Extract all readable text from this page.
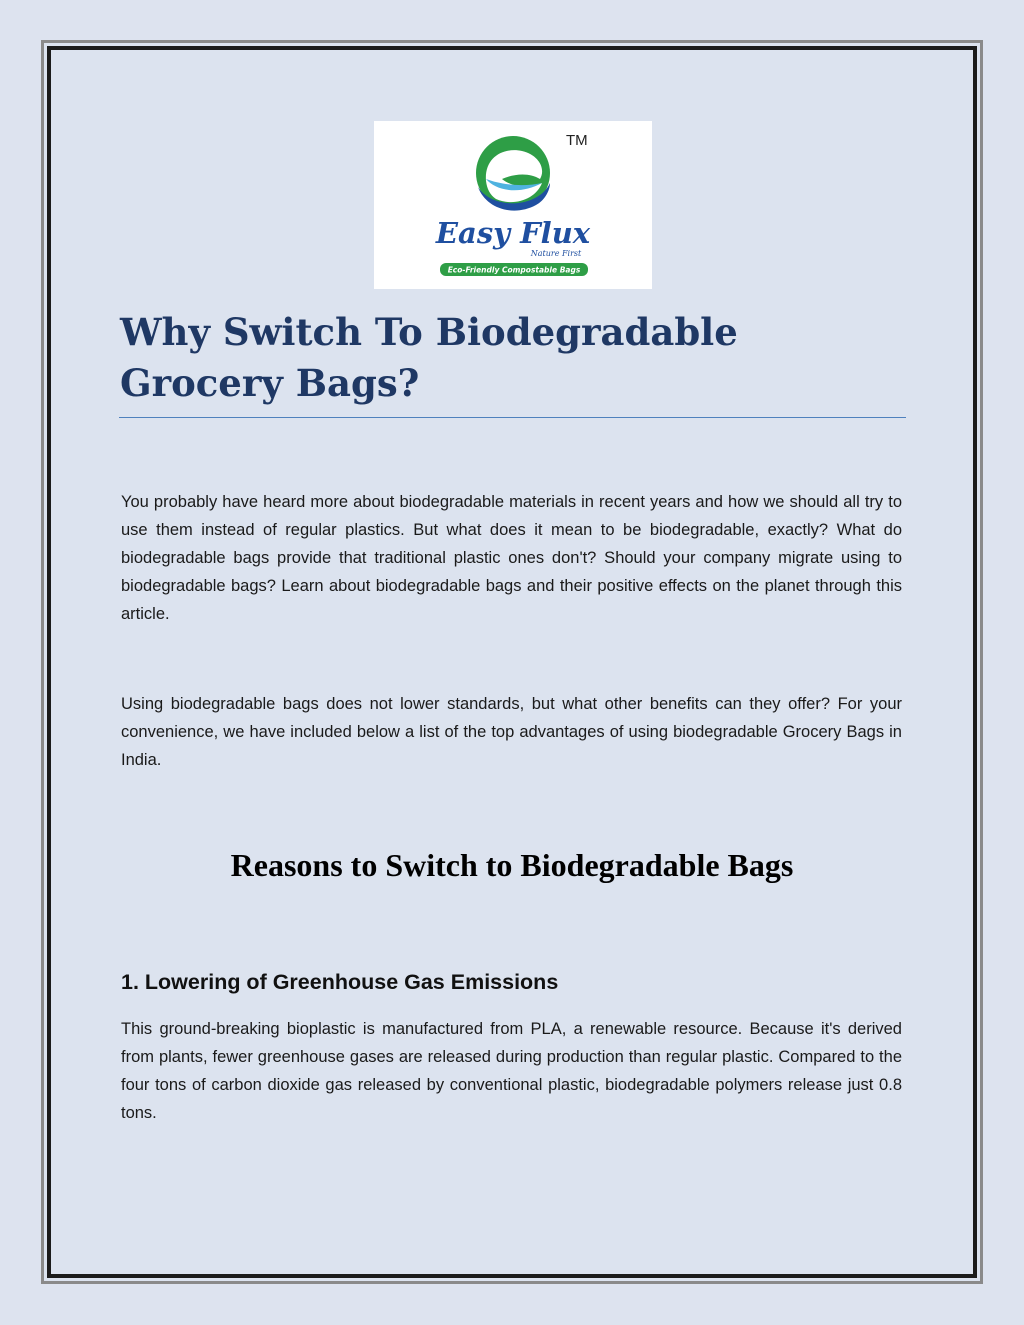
TM
Easy Flux
Nature First
Eco-Friendly Compostable Bags
Why Switch To Biodegradable Grocery Bags?

You probably have heard more about biodegradable materials in recent years and how we should all try to use them instead of regular plastics. But what does it mean to be biodegradable, exactly? What do biodegradable bags provide that traditional plastic ones don't? Should your company migrate using to biodegradable bags? Learn about biodegradable bags and their positive effects on the planet through this article.

Using biodegradable bags does not lower standards, but what other benefits can they offer? For your convenience, we have included below a list of the top advantages of using biodegradable Grocery Bags in India.

Reasons to Switch to Biodegradable Bags
1. Lowering of Greenhouse Gas Emissions

This ground-breaking bioplastic is manufactured from PLA, a renewable resource. Because it's derived from plants, fewer greenhouse gases are released during production than regular plastic. Compared to the four tons of carbon dioxide gas released by conventional plastic, biodegradable polymers release just 0.8 tons.
